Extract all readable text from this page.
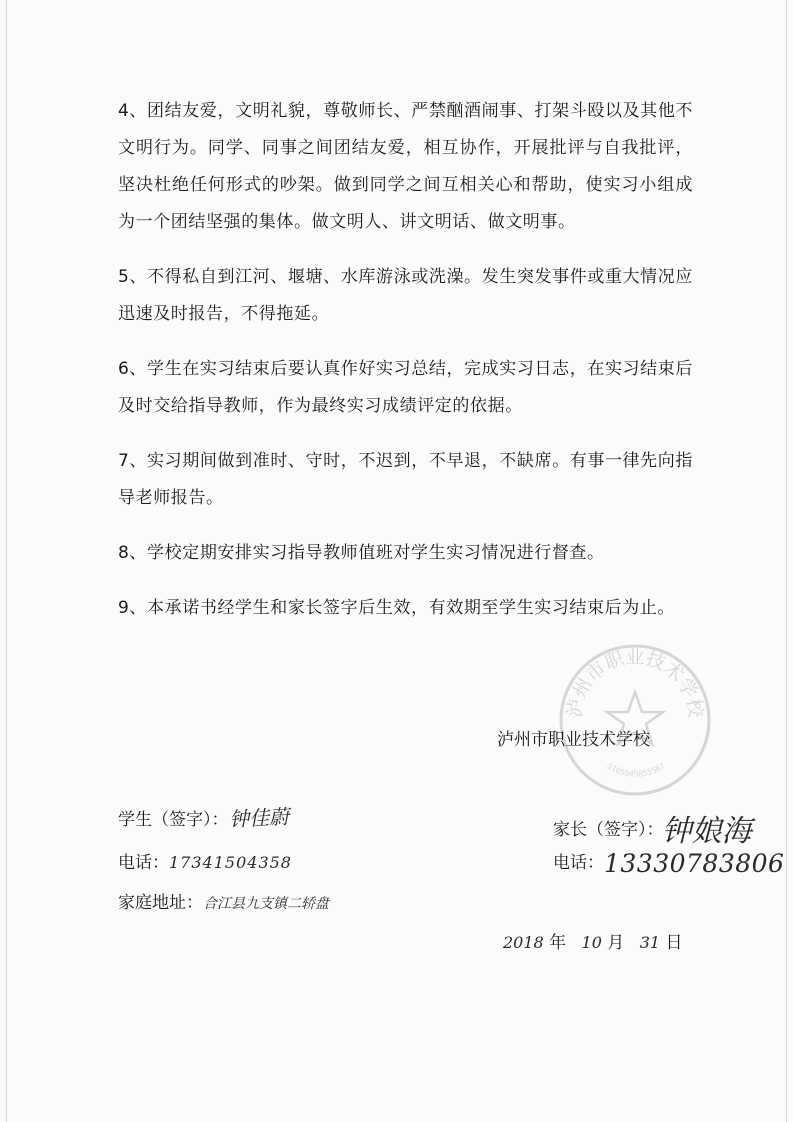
4、团结友爱，文明礼貌，尊敬师长、严禁酗酒闹事、打架斗殴以及其他不文明行为。同学、同事之间团结友爱，相互协作，开展批评与自我批评，坚决杜绝任何形式的吵架。做到同学之间互相关心和帮助，使实习小组成为一个团结坚强的集体。做文明人、讲文明话、做文明事。

5、不得私自到江河、堰塘、水库游泳或洗澡。发生突发事件或重大情况应迅速及时报告，不得拖延。

6、学生在实习结束后要认真作好实习总结，完成实习日志，在实习结束后及时交给指导教师，作为最终实习成绩评定的依据。

7、实习期间做到准时、守时，不迟到，不早退，不缺席。有事一律先向指导老师报告。

8、学校定期安排实习指导教师值班对学生实习情况进行督查。

9、本承诺书经学生和家长签字后生效，有效期至学生实习结束后为止。

泸州市职业技术学校
5105045055567
泸州市职业技术学校
学生（签字）：钟佳蔚
电话：17341504358
家庭地址：合江县九支镇二轿盘
家长（签字）：钟娘海
电话：13330783806
2018 年 10 月 31 日
